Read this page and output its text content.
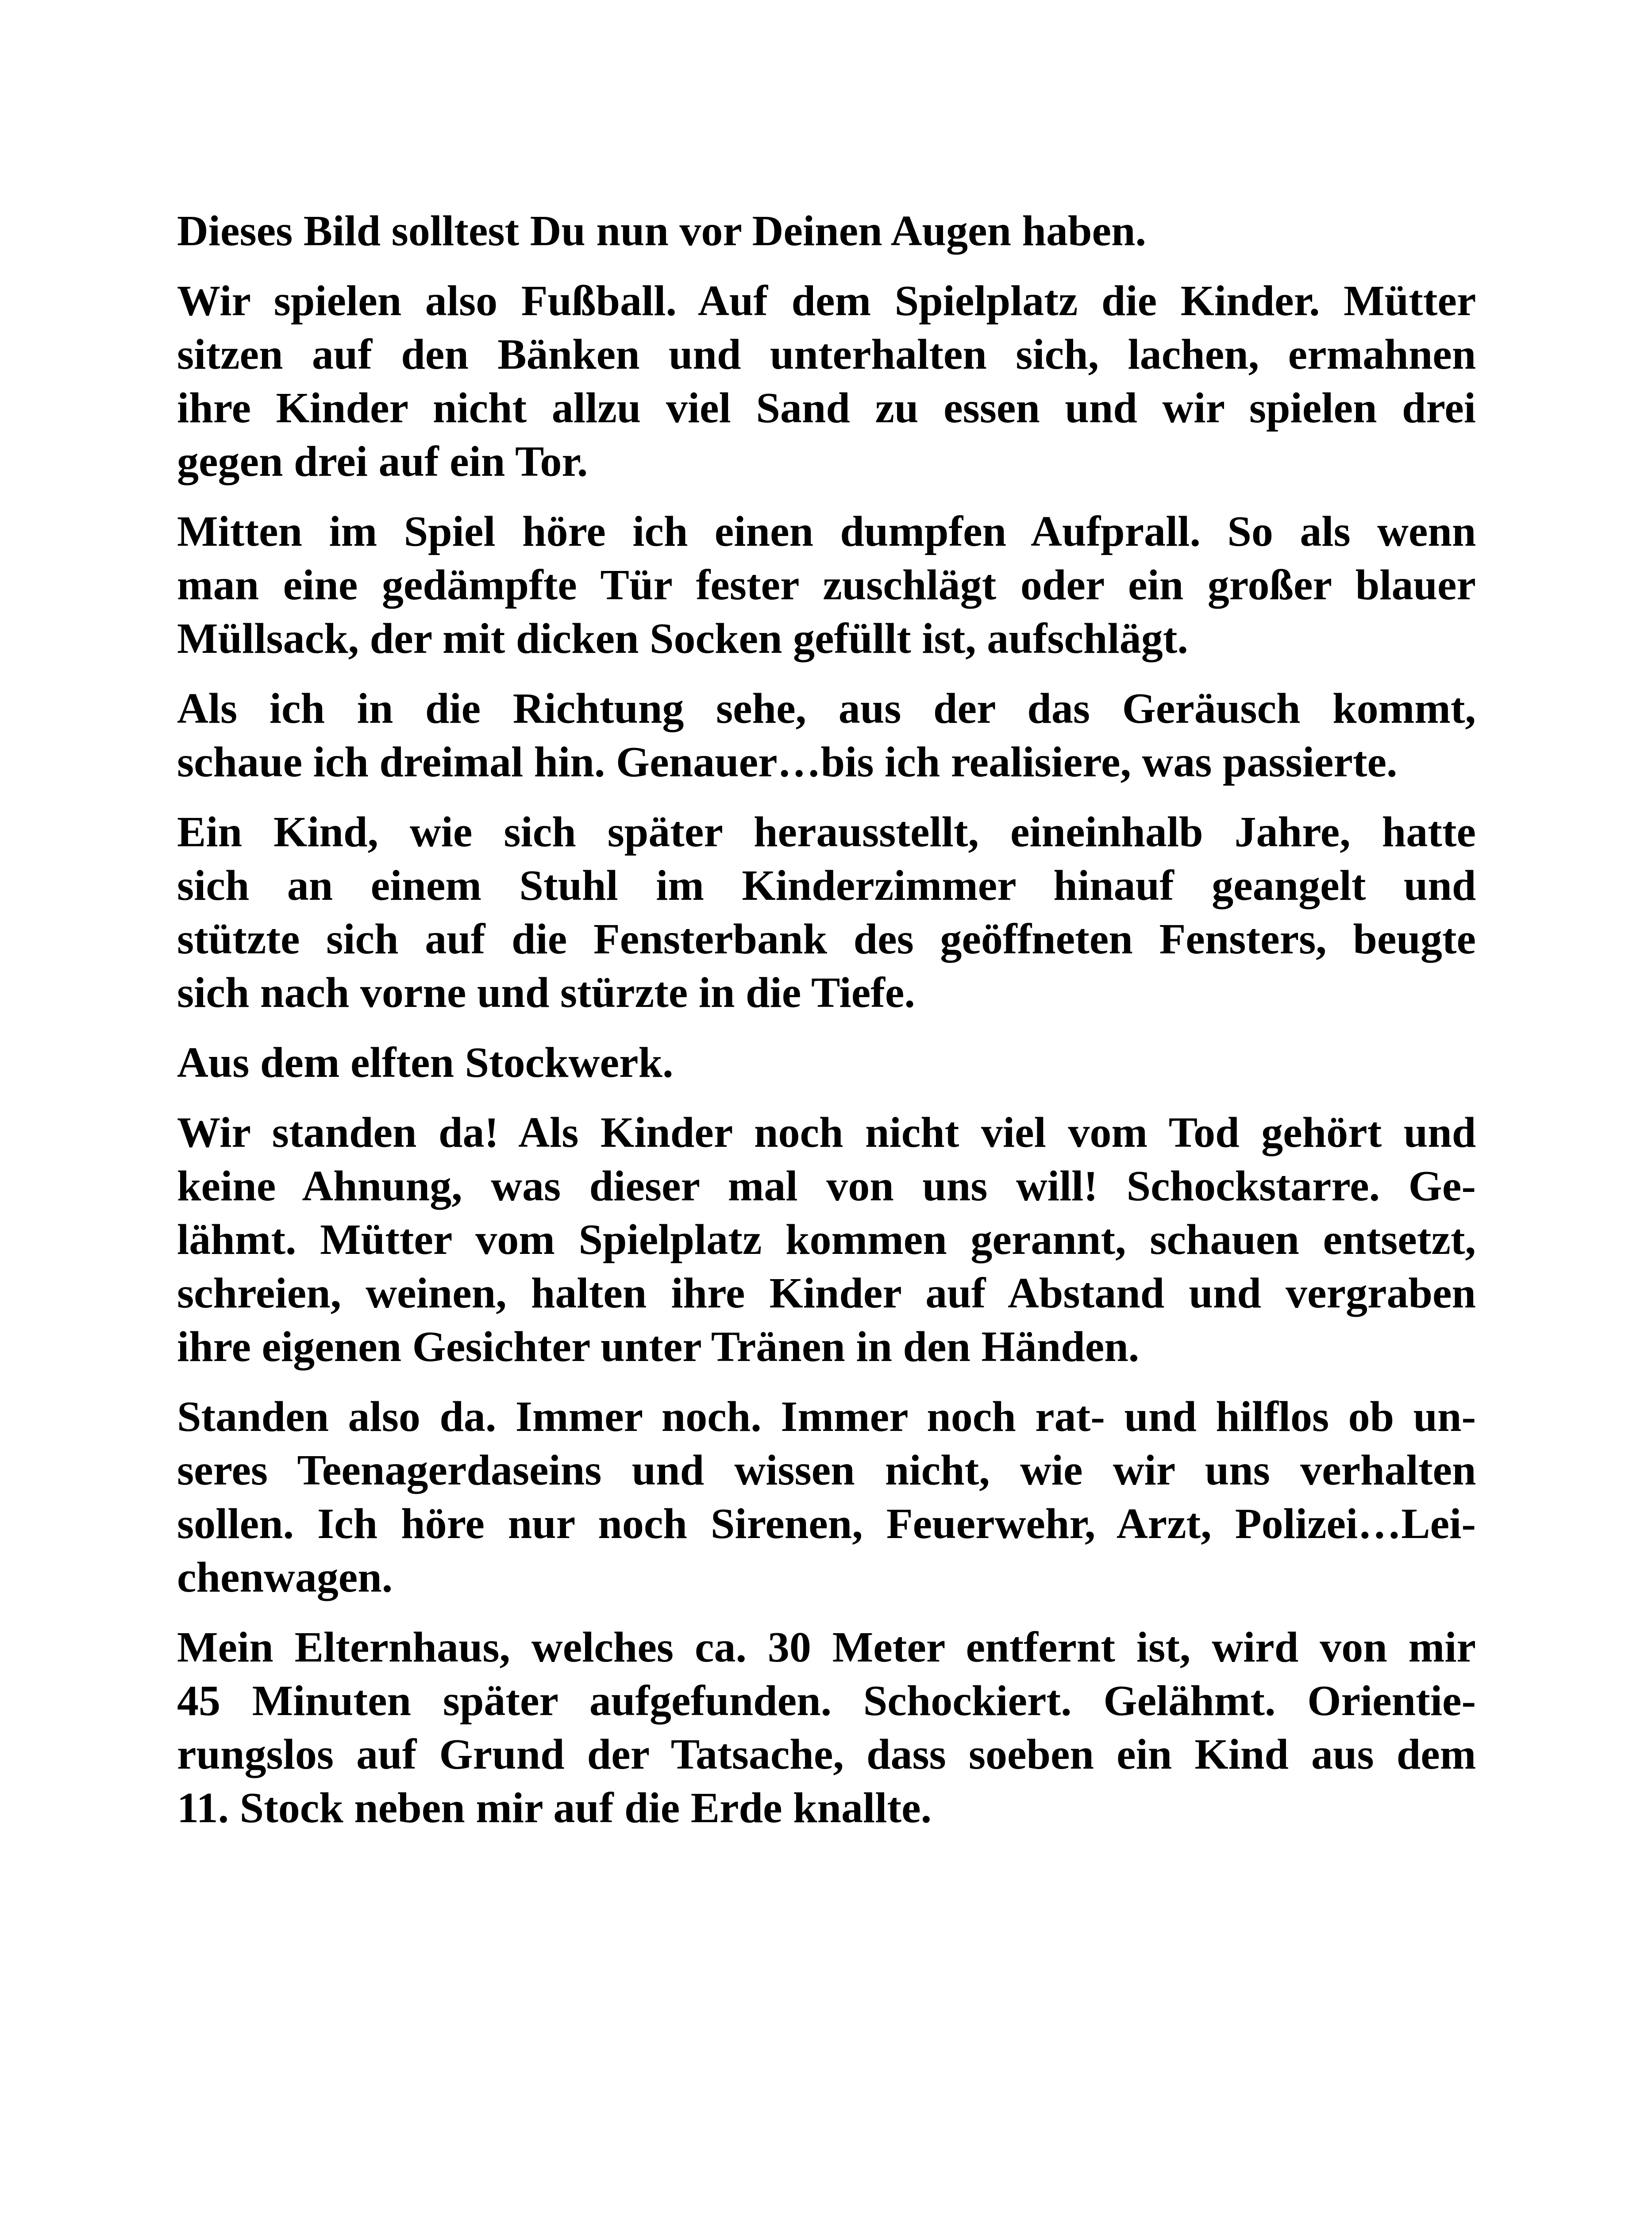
Dieses Bild solltest Du nun vor Deinen Augen haben.

Wir spielen also Fußball. Auf dem Spielplatz die Kinder. Mütter
sitzen auf den Bänken und unterhalten sich, lachen, ermahnen
ihre Kinder nicht allzu viel Sand zu essen und wir spielen drei
gegen drei auf ein Tor.

Mitten im Spiel höre ich einen dumpfen Aufprall. So als wenn
man eine gedämpfte Tür fester zuschlägt oder ein großer blauer
Müllsack, der mit dicken Socken gefüllt ist, aufschlägt.

Als ich in die Richtung sehe, aus der das Geräusch kommt,
schaue ich dreimal hin. Genauer…bis ich realisiere, was passierte.

Ein Kind, wie sich später herausstellt, eineinhalb Jahre, hatte
sich an einem Stuhl im Kinderzimmer hinauf geangelt und
stützte sich auf die Fensterbank des geöffneten Fensters, beugte
sich nach vorne und stürzte in die Tiefe.

Aus dem elften Stockwerk.

Wir standen da! Als Kinder noch nicht viel vom Tod gehört und
keine Ahnung, was dieser mal von uns will! Schockstarre. Ge-
lähmt. Mütter vom Spielplatz kommen gerannt, schauen entsetzt,
schreien, weinen, halten ihre Kinder auf Abstand und vergraben
ihre eigenen Gesichter unter Tränen in den Händen.

Standen also da. Immer noch. Immer noch rat- und hilflos ob un-
seres Teenagerdaseins und wissen nicht, wie wir uns verhalten
sollen. Ich höre nur noch Sirenen, Feuerwehr, Arzt, Polizei…Lei-
chenwagen.

Mein Elternhaus, welches ca. 30 Meter entfernt ist, wird von mir
45 Minuten später aufgefunden. Schockiert. Gelähmt. Orientie-
rungslos auf Grund der Tatsache, dass soeben ein Kind aus dem
11. Stock neben mir auf die Erde knallte.
